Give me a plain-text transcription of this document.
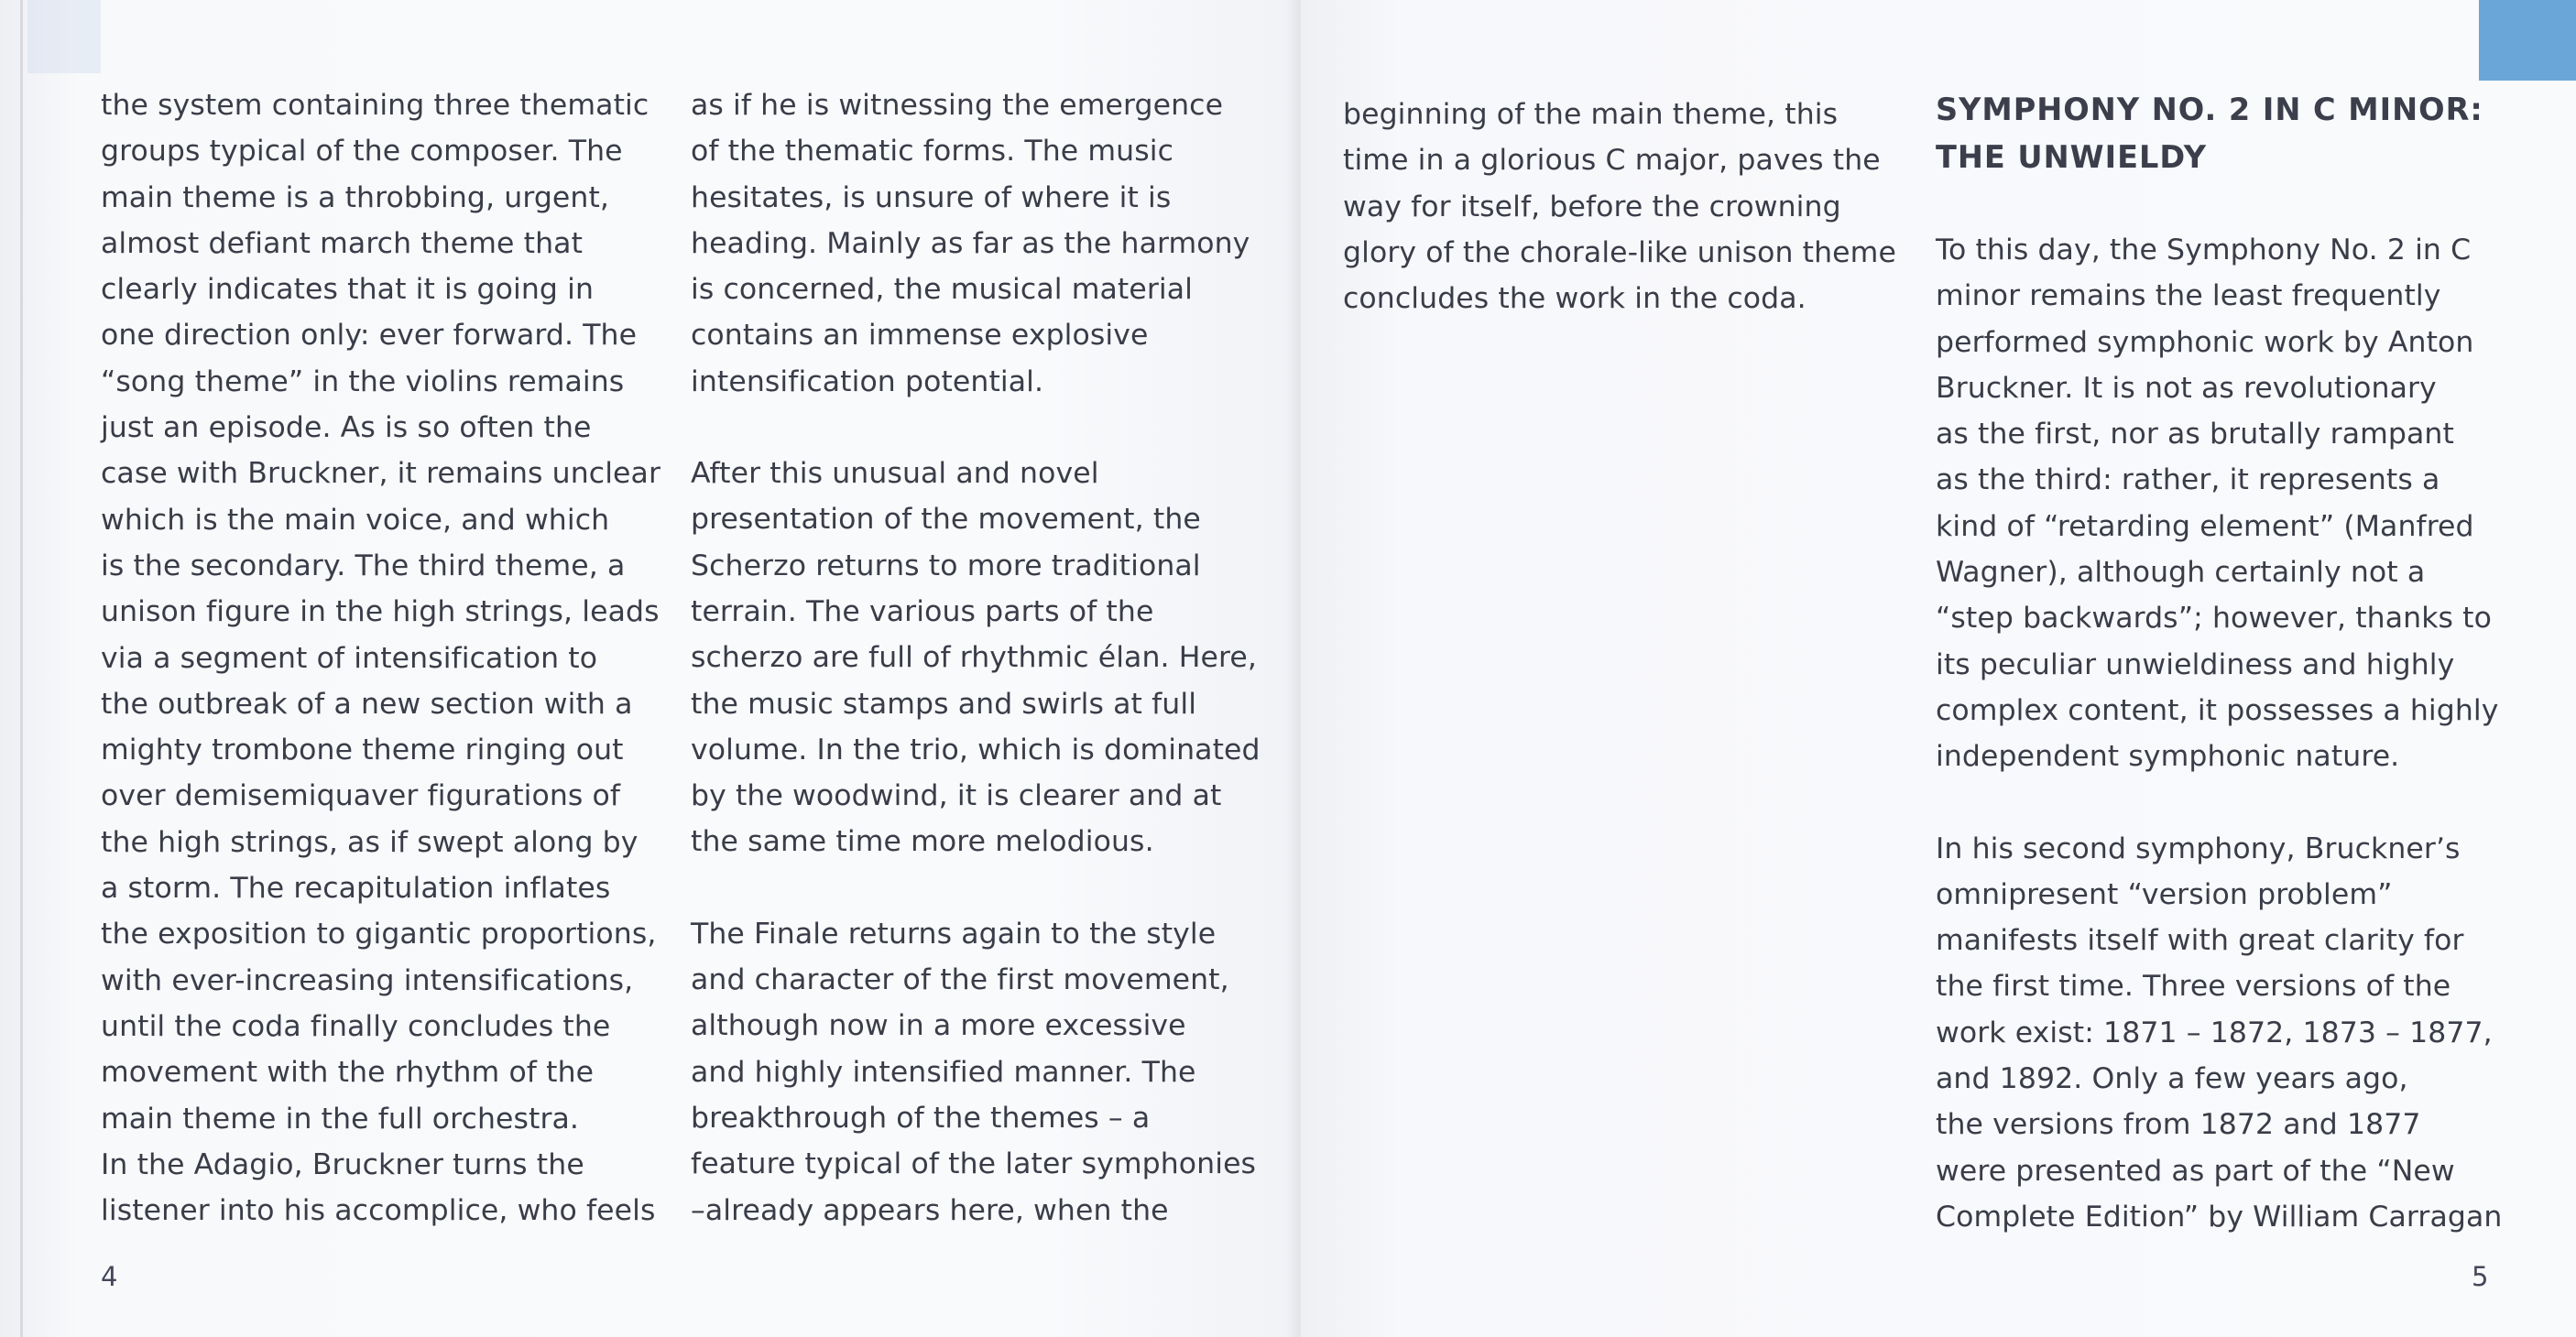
the system containing three thematic

groups typical of the composer. The

main theme is a throbbing, urgent,

almost defiant march theme that

clearly indicates that it is going in

one direction only: ever forward. The

“song theme” in the violins remains

just an episode. As is so often the

case with Bruckner, it remains unclear

which is the main voice, and which

is the secondary. The third theme, a

unison figure in the high strings, leads

via a segment of intensification to

the outbreak of a new section with a

mighty trombone theme ringing out

over demisemiquaver figurations of

the high strings, as if swept along by

a storm. The recapitulation inflates

the exposition to gigantic proportions,

with ever-increasing intensifications,

until the coda finally concludes the

movement with the rhythm of the

main theme in the full orchestra.

In the Adagio, Bruckner turns the

listener into his accomplice, who feels

as if he is witnessing the emergence

of the thematic forms. The music

hesitates, is unsure of where it is

heading. Mainly as far as the harmony

is concerned, the musical material

contains an immense explosive

intensification potential.

After this unusual and novel

presentation of the movement, the

Scherzo returns to more traditional

terrain. The various parts of the

scherzo are full of rhythmic élan. Here,

the music stamps and swirls at full

volume. In the trio, which is dominated

by the woodwind, it is clearer and at

the same time more melodious.

The Finale returns again to the style

and character of the first movement,

although now in a more excessive

and highly intensified manner. The

breakthrough of the themes – a

feature typical of the later symphonies

–already appears here, when the

4

beginning of the main theme, this

time in a glorious C major, paves the

way for itself, before the crowning

glory of the chorale-like unison theme

concludes the work in the coda.

SYMPHONY NO. 2 IN C MINOR:

THE UNWIELDY

To this day, the Symphony No. 2 in C

minor remains the least frequently

performed symphonic work by Anton

Bruckner. It is not as revolutionary

as the first, nor as brutally rampant

as the third: rather, it represents a

kind of “retarding element” (Manfred

Wagner), although certainly not a

“step backwards”; however, thanks to

its peculiar unwieldiness and highly

complex content, it possesses a highly

independent symphonic nature.

In his second symphony, Bruckner’s

omnipresent “version problem”

manifests itself with great clarity for

the first time. Three versions of the

work exist: 1871 – 1872, 1873 – 1877,

and 1892. Only a few years ago,

the versions from 1872 and 1877

were presented as part of the “New

Complete Edition” by William Carragan

5
